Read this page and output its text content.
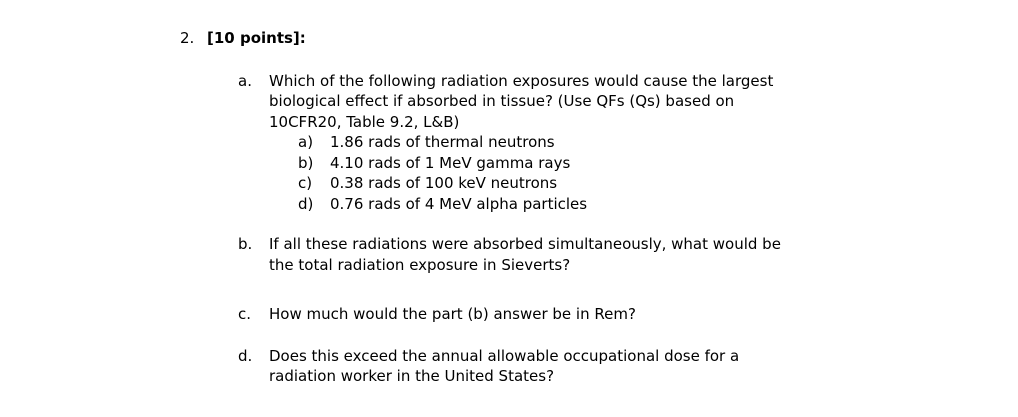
2. [10 points]:
a.	Which of the following radiation exposures would cause the largest
biological effect if absorbed in tissue? (Use QFs (Qs) based on
10CFR20, Table 9.2, L&B)
a)	1.86 rads of thermal neutrons
b)	4.10 rads of 1 MeV gamma rays
c)	0.38 rads of 100 keV neutrons
d)	0.76 rads of 4 MeV alpha particles
b.	If all these radiations were absorbed simultaneously, what would be
the total radiation exposure in Sieverts?
c.	How much would the part (b) answer be in Rem?
d.	Does this exceed the annual allowable occupational dose for a
radiation worker in the United States?
